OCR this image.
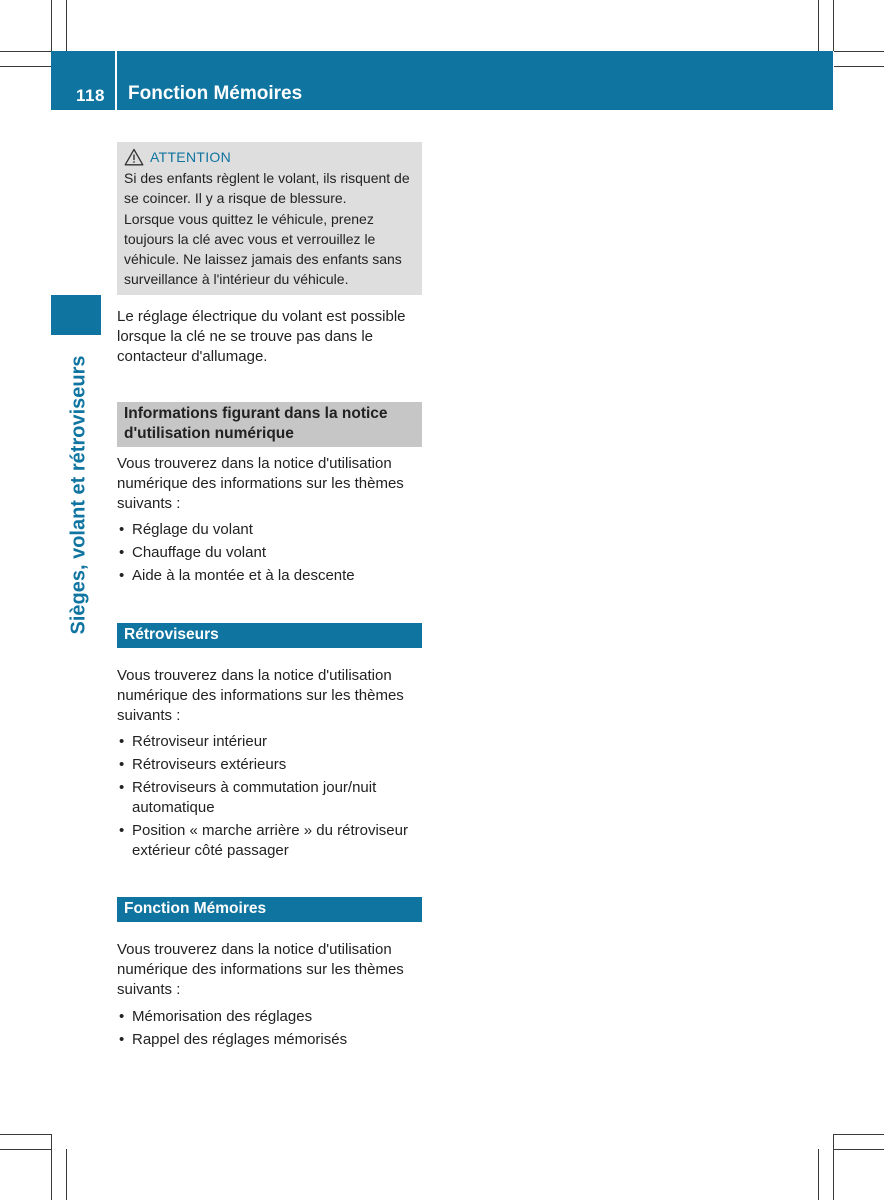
118 Fonction Mémoires
Sièges, volant et rétroviseurs
ATTENTION

Si des enfants règlent le volant, ils risquent de se coincer. Il y a risque de blessure.

Lorsque vous quittez le véhicule, prenez toujours la clé avec vous et verrouillez le véhicule. Ne laissez jamais des enfants sans surveillance à l'intérieur du véhicule.

Le réglage électrique du volant est possible lorsque la clé ne se trouve pas dans le contacteur d'allumage.

Informations figurant dans la notice d'utilisation numérique

Vous trouverez dans la notice d'utilisation numérique des informations sur les thèmes suivants :

• Réglage du volant
• Chauffage du volant
• Aide à la montée et à la descente
Rétroviseurs

Vous trouverez dans la notice d'utilisation numérique des informations sur les thèmes suivants :

• Rétroviseur intérieur
• Rétroviseurs extérieurs
• Rétroviseurs à commutation jour/nuit automatique
• Position « marche arrière » du rétroviseur extérieur côté passager
Fonction Mémoires

Vous trouverez dans la notice d'utilisation numérique des informations sur les thèmes suivants :

• Mémorisation des réglages
• Rappel des réglages mémorisés
